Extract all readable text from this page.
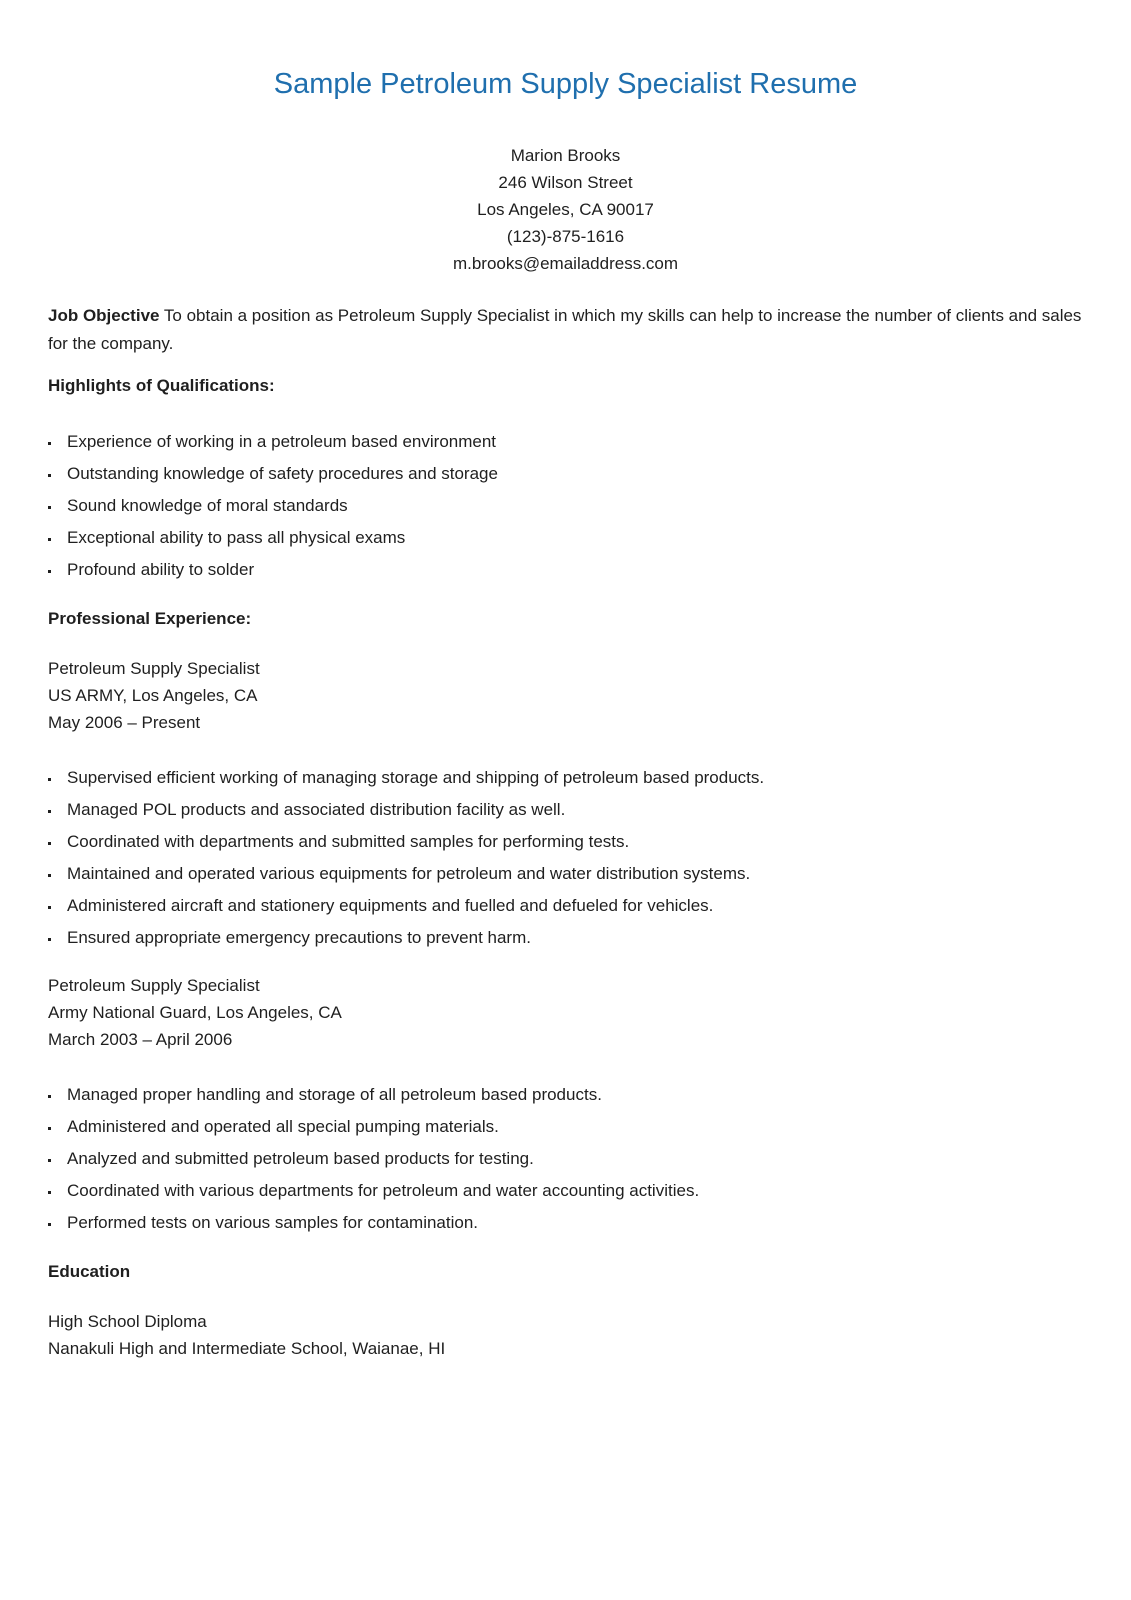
Sample Petroleum Supply Specialist Resume
Marion Brooks
246 Wilson Street
Los Angeles, CA 90017
(123)-875-1616
m.brooks@emailaddress.com
Job Objective To obtain a position as Petroleum Supply Specialist in which my skills can help to increase the number of clients and sales for the company.
Highlights of Qualifications:
Experience of working in a petroleum based environment
Outstanding knowledge of safety procedures and storage
Sound knowledge of moral standards
Exceptional ability to pass all physical exams
Profound ability to solder
Professional Experience:
Petroleum Supply Specialist
US ARMY, Los Angeles, CA
May 2006 – Present
Supervised efficient working of managing storage and shipping of petroleum based products.
Managed POL products and associated distribution facility as well.
Coordinated with departments and submitted samples for performing tests.
Maintained and operated various equipments for petroleum and water distribution systems.
Administered aircraft and stationery equipments and fuelled and defueled for vehicles.
Ensured appropriate emergency precautions to prevent harm.
Petroleum Supply Specialist
Army National Guard, Los Angeles, CA
March 2003 – April 2006
Managed proper handling and storage of all petroleum based products.
Administered and operated all special pumping materials.
Analyzed and submitted petroleum based products for testing.
Coordinated with various departments for petroleum and water accounting activities.
Performed tests on various samples for contamination.
Education
High School Diploma
Nanakuli High and Intermediate School, Waianae, HI
